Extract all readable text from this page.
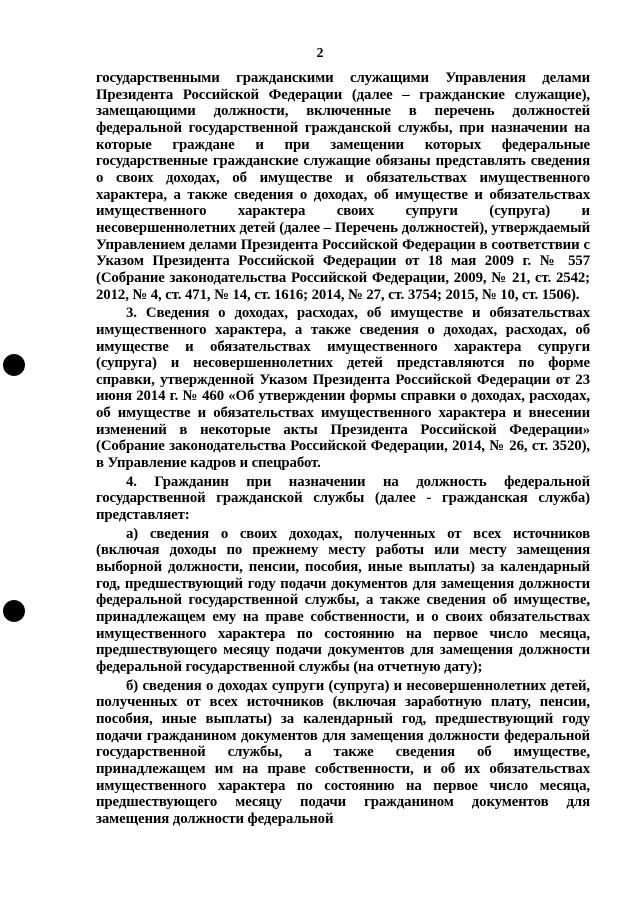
2

государственными гражданскими служащими Управления делами Президента Российской Федерации (далее – гражданские служащие), замещающими должности, включенные в перечень должностей федеральной государственной гражданской службы, при назначении на которые граждане и при замещении которых федеральные государственные гражданские служащие обязаны представлять сведения о своих доходах, об имуществе и обязательствах имущественного характера, а также сведения о доходах, об имуществе и обязательствах имущественного характера своих супруги (супруга) и несовершеннолетних детей (далее – Перечень должностей), утверждаемый Управлением делами Президента Российской Федерации в соответствии с Указом Президента Российской Федерации от 18 мая 2009 г. № 557 (Собрание законодательства Российской Федерации, 2009, № 21, ст. 2542; 2012, № 4, ст. 471, № 14, ст. 1616; 2014, № 27, ст. 3754; 2015, № 10, ст. 1506).

3. Сведения о доходах, расходах, об имуществе и обязательствах имущественного характера, а также сведения о доходах, расходах, об имуществе и обязательствах имущественного характера супруги (супруга) и несовершеннолетних детей представляются по форме справки, утвержденной Указом Президента Российской Федерации от 23 июня 2014 г. № 460 «Об утверждении формы справки о доходах, расходах, об имуществе и обязательствах имущественного характера и внесении изменений в некоторые акты Президента Российской Федерации» (Собрание законодательства Российской Федерации, 2014, № 26, ст. 3520), в Управление кадров и спецработ.

4. Гражданин при назначении на должность федеральной государственной гражданской службы (далее - гражданская служба) представляет:

а) сведения о своих доходах, полученных от всех источников (включая доходы по прежнему месту работы или месту замещения выборной должности, пенсии, пособия, иные выплаты) за календарный год, предшествующий году подачи документов для замещения должности федеральной государственной службы, а также сведения об имуществе, принадлежащем ему на праве собственности, и о своих обязательствах имущественного характера по состоянию на первое число месяца, предшествующего месяцу подачи документов для замещения должности федеральной государственной службы (на отчетную дату);

б) сведения о доходах супруги (супруга) и несовершеннолетних детей, полученных от всех источников (включая заработную плату, пенсии, пособия, иные выплаты) за календарный год, предшествующий году подачи гражданином документов для замещения должности федеральной государственной службы, а также сведения об имуществе, принадлежащем им на праве собственности, и об их обязательствах имущественного характера по состоянию на первое число месяца, предшествующего месяцу подачи гражданином документов для замещения должности федеральной
